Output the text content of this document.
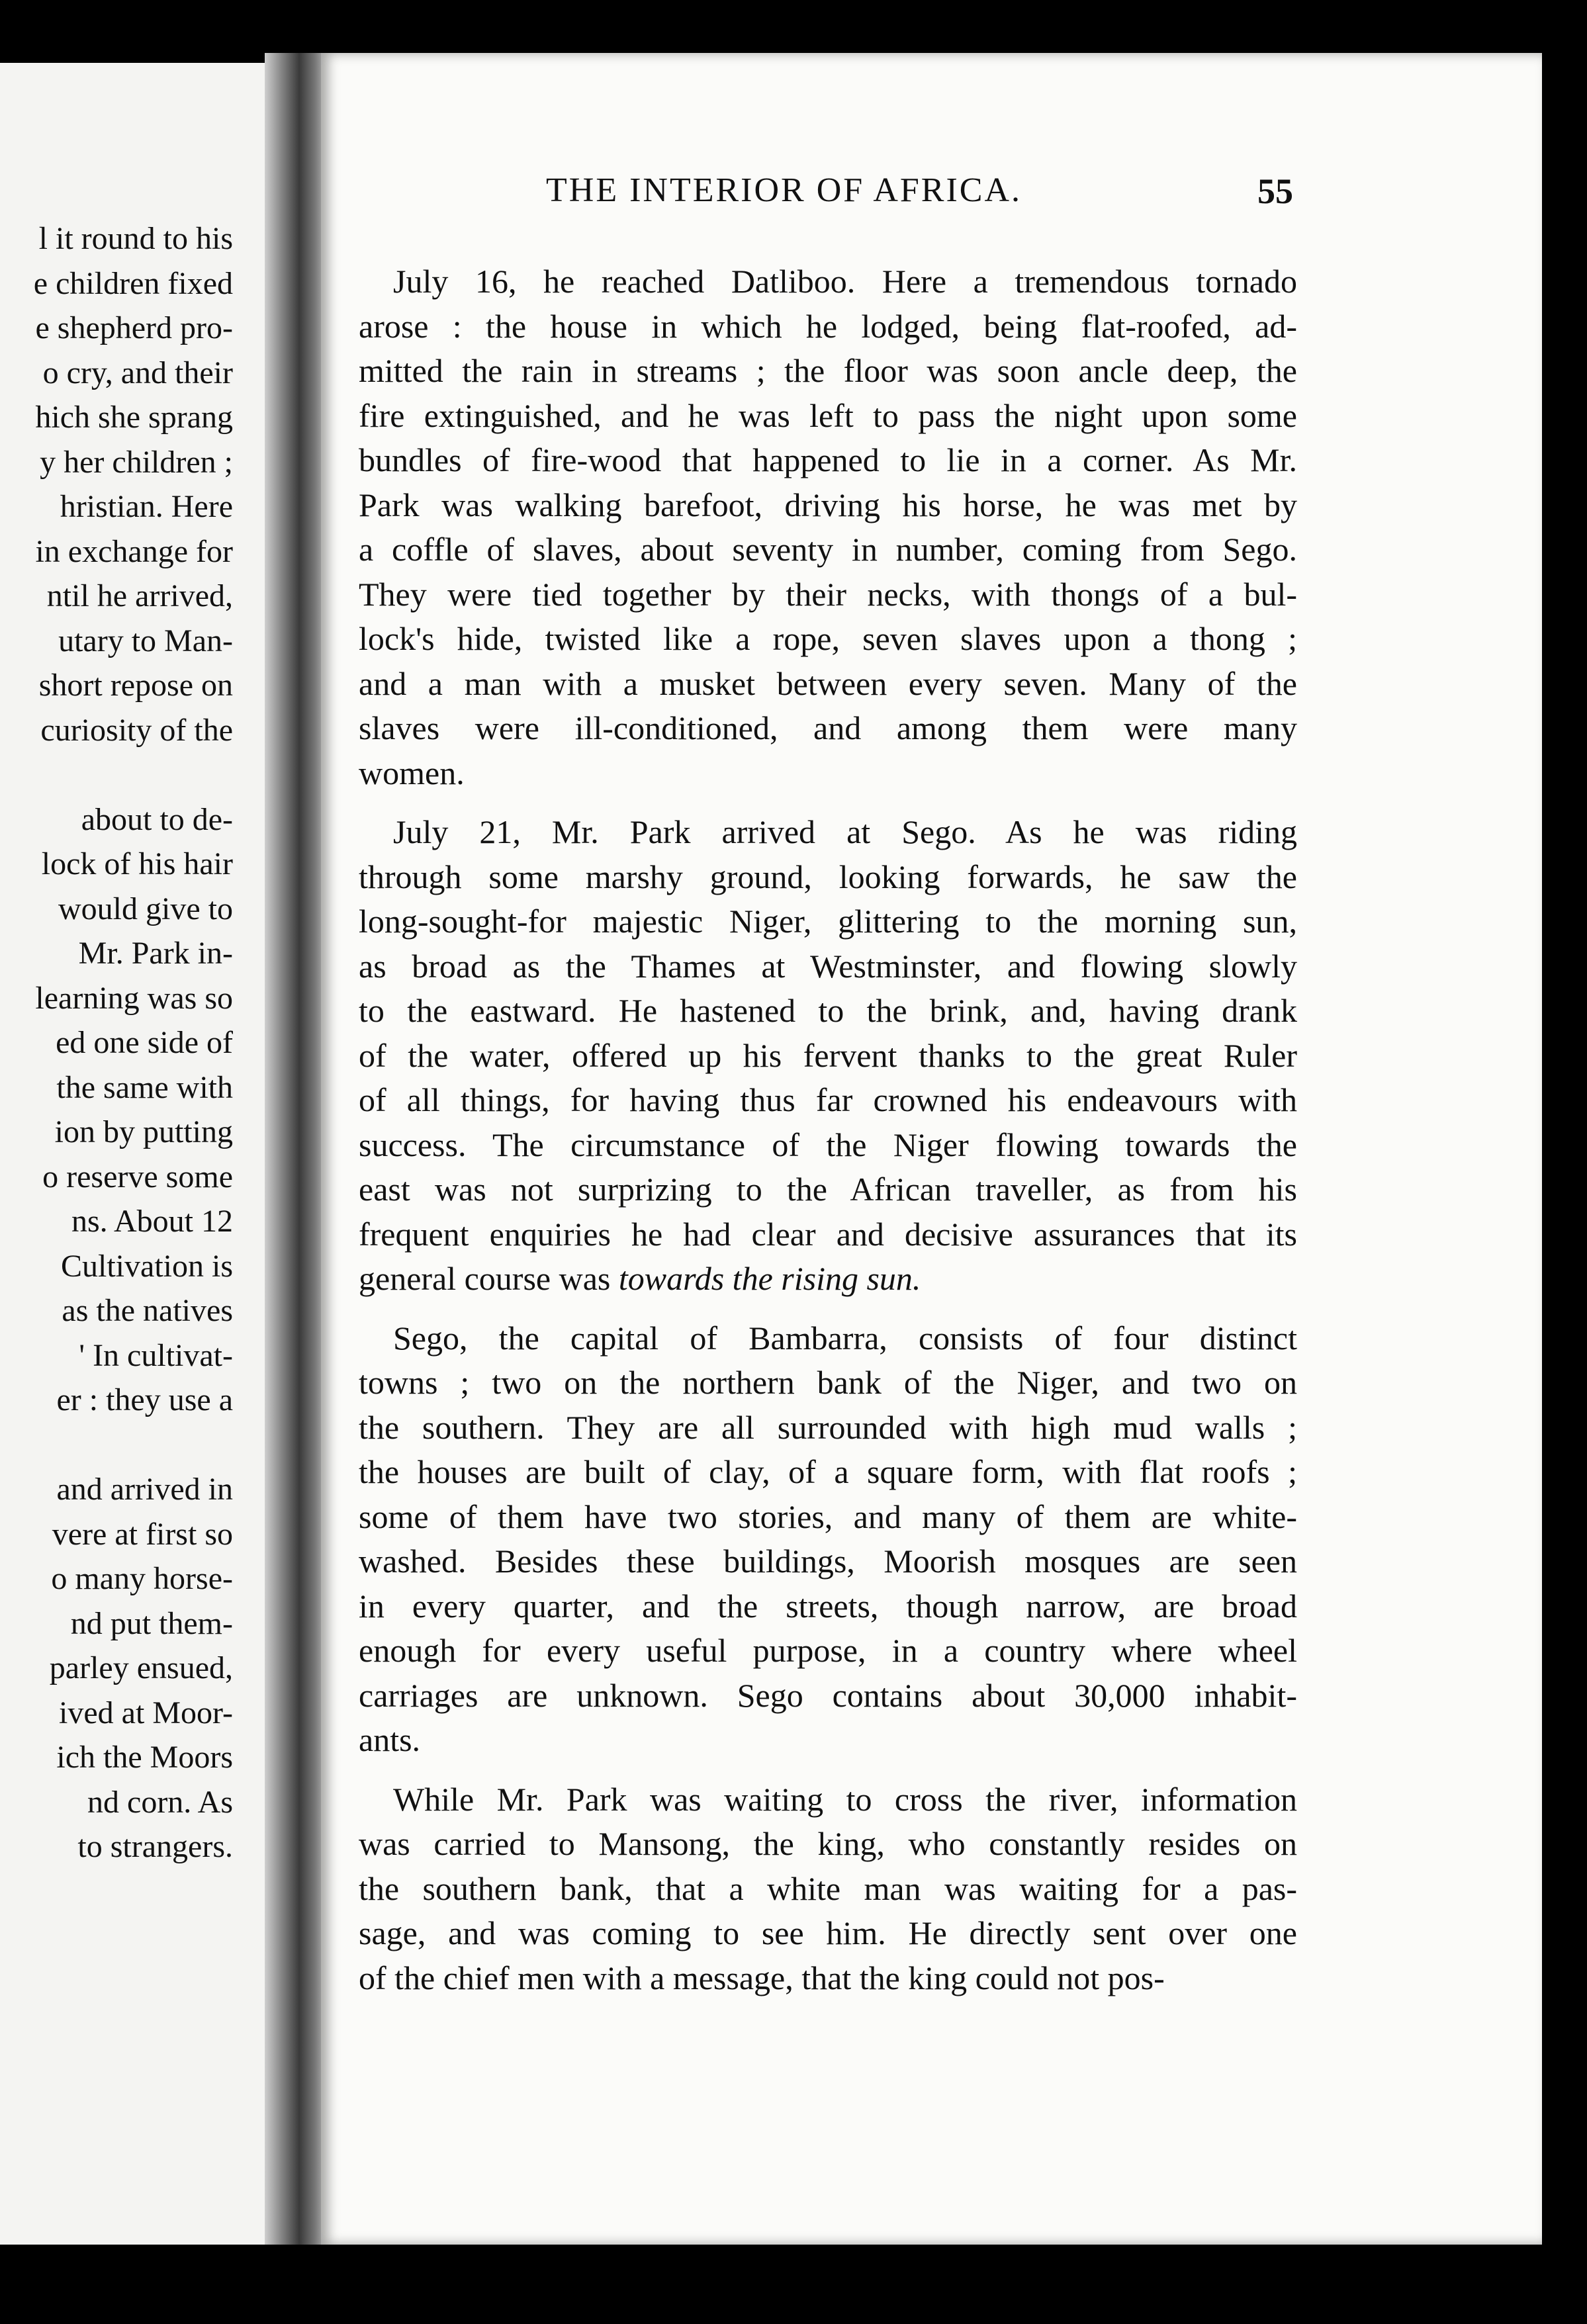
l it round to his
e children fixed
e shepherd pro-
o cry, and their
hich she sprang
y her children ;
hristian. Here
in exchange for
ntil he arrived,
utary to Man-
short repose on
curiosity of the
about to de-
lock of his hair
would give to
Mr. Park in-
learning was so
ed one side of
the same with
ion by putting
o reserve some
ns. About 12
Cultivation is
as the natives
' In cultivat-
er : they use a
and arrived in
vere at first so
o many horse-
nd put them-
parley ensued,
ived at Moor-
ich the Moors
nd corn. As
to strangers.
THE INTERIOR OF AFRICA.	55

July 16, he reached Datliboo. Here a tremendous tornado
arose : the house in which he lodged, being flat-roofed, ad-
mitted the rain in streams ; the floor was soon ancle deep, the
fire extinguished, and he was left to pass the night upon some
bundles of fire-wood that happened to lie in a corner. As Mr.
Park was walking barefoot, driving his horse, he was met by
a coffle of slaves, about seventy in number, coming from Sego.
They were tied together by their necks, with thongs of a bul-
lock's hide, twisted like a rope, seven slaves upon a thong ;
and a man with a musket between every seven. Many of the
slaves were ill-conditioned, and among them were many
women.

July 21, Mr. Park arrived at Sego. As he was riding
through some marshy ground, looking forwards, he saw the
long-sought-for majestic Niger, glittering to the morning sun,
as broad as the Thames at Westminster, and flowing slowly
to the eastward. He hastened to the brink, and, having drank
of the water, offered up his fervent thanks to the great Ruler
of all things, for having thus far crowned his endeavours with
success. The circumstance of the Niger flowing towards the
east was not surprizing to the African traveller, as from his
frequent enquiries he had clear and decisive assurances that its
general course was towards the rising sun.

Sego, the capital of Bambarra, consists of four distinct
towns ; two on the northern bank of the Niger, and two on
the southern. They are all surrounded with high mud walls ;
the houses are built of clay, of a square form, with flat roofs ;
some of them have two stories, and many of them are white-
washed. Besides these buildings, Moorish mosques are seen
in every quarter, and the streets, though narrow, are broad
enough for every useful purpose, in a country where wheel
carriages are unknown. Sego contains about 30,000 inhabit-
ants.

While Mr. Park was waiting to cross the river, information
was carried to Mansong, the king, who constantly resides on
the southern bank, that a white man was waiting for a pas-
sage, and was coming to see him. He directly sent over one
of the chief men with a message, that the king could not pos-
